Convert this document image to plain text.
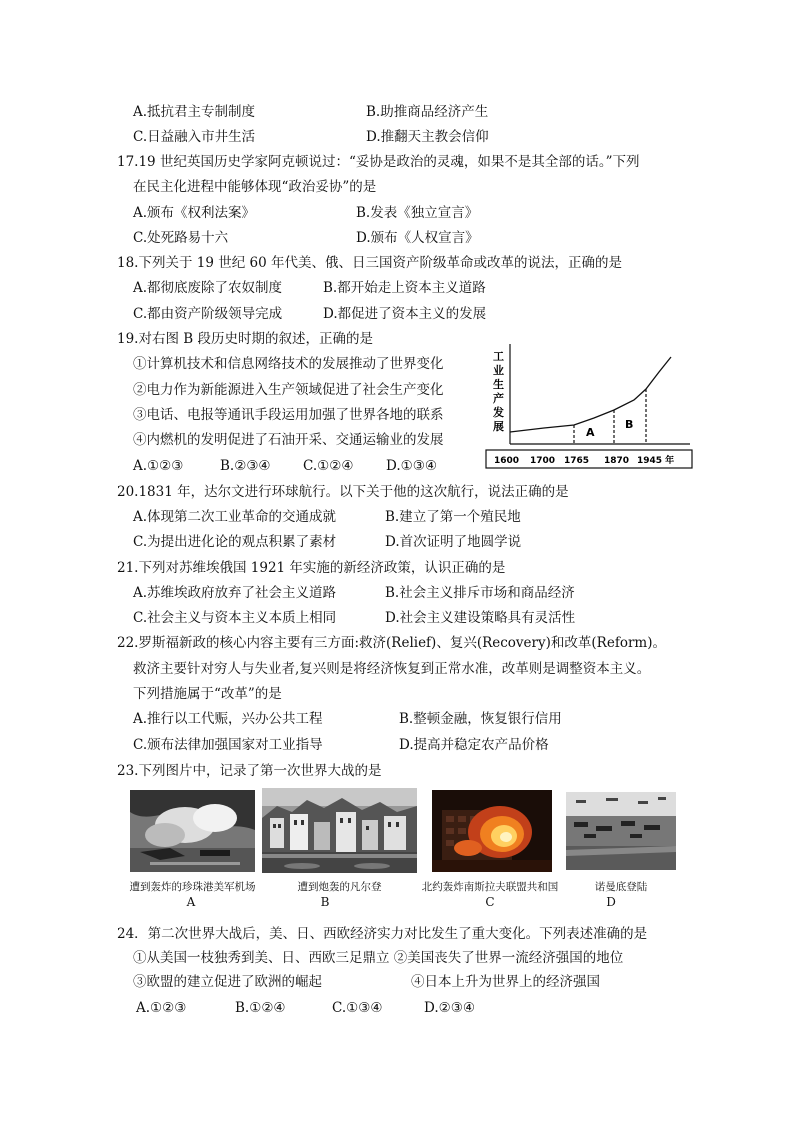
A.抵抗君主专制制度	B.助推商品经济产生
C.日益融入市井生活	D.推翻天主教会信仰
17.19 世纪英国历史学家阿克顿说过：“妥协是政治的灵魂，如果不是其全部的话。”下列
在民主化进程中能够体现“政治妥协”的是
A.颁布《权利法案》	B.发表《独立宣言》
C.处死路易十六	D.颁布《人权宣言》
18.下列关于 19 世纪 60 年代美、俄、日三国资产阶级革命或改革的说法，正确的是
A.都彻底废除了农奴制度	B.都开始走上资本主义道路
C.都由资产阶级领导完成	D.都促进了资本主义的发展
19.对右图 B 段历史时期的叙述，正确的是
①计算机技术和信息网络技术的发展推动了世界变化
②电力作为新能源进入生产领域促进了社会生产变化
③电话、电报等通讯手段运用加强了世界各地的联系
④内燃机的发明促进了石油开采、交通运输业的发展
A.①②③	B.②③④ C.①②④ D.①③④
工
业
生
产
发
展	A
B
1600 1700 1765 1870 1945 年
20.1831 年，达尔文进行环球航行。以下关于他的这次航行，说法正确的是
A.体现第二次工业革命的交通成就	B.建立了第一个殖民地
C.为提出进化论的观点积累了素材	D.首次证明了地圆学说
21.下列对苏维埃俄国 1921 年实施的新经济政策，认识正确的是
A.苏维埃政府放弃了社会主义道路	B.社会主义排斥市场和商品经济
C.社会主义与资本主义本质上相同	D.社会主义建设策略具有灵活性
22.罗斯福新政的核心内容主要有三方面:救济(Relief)、复兴(Recovery)和改革(Reform)。
救济主要针对穷人与失业者,复兴则是将经济恢复到正常水准，改革则是调整资本主义。
下列措施属于“改革”的是
A.推行以工代赈，兴办公共工程	B.整顿金融，恢复银行信用
C.颁布法律加强国家对工业指导	D.提高并稳定农产品价格
23.下列图片中，记录了第一次世界大战的是
遭到轰炸的珍珠港美军机场	遭到炮轰的凡尔登	北约轰炸南斯拉夫联盟共和国	诺曼底登陆
A	B	C	D
24．第二次世界大战后，美、日、西欧经济实力对比发生了重大变化。下列表述准确的是
①从美国一枝独秀到美、日、西欧三足鼎立 ②美国丧失了世界一流经济强国的地位
③欧盟的建立促进了欧洲的崛起	④日本上升为世界上的经济强国
A.①②③	B.①②④	C.①③④	D.②③④
